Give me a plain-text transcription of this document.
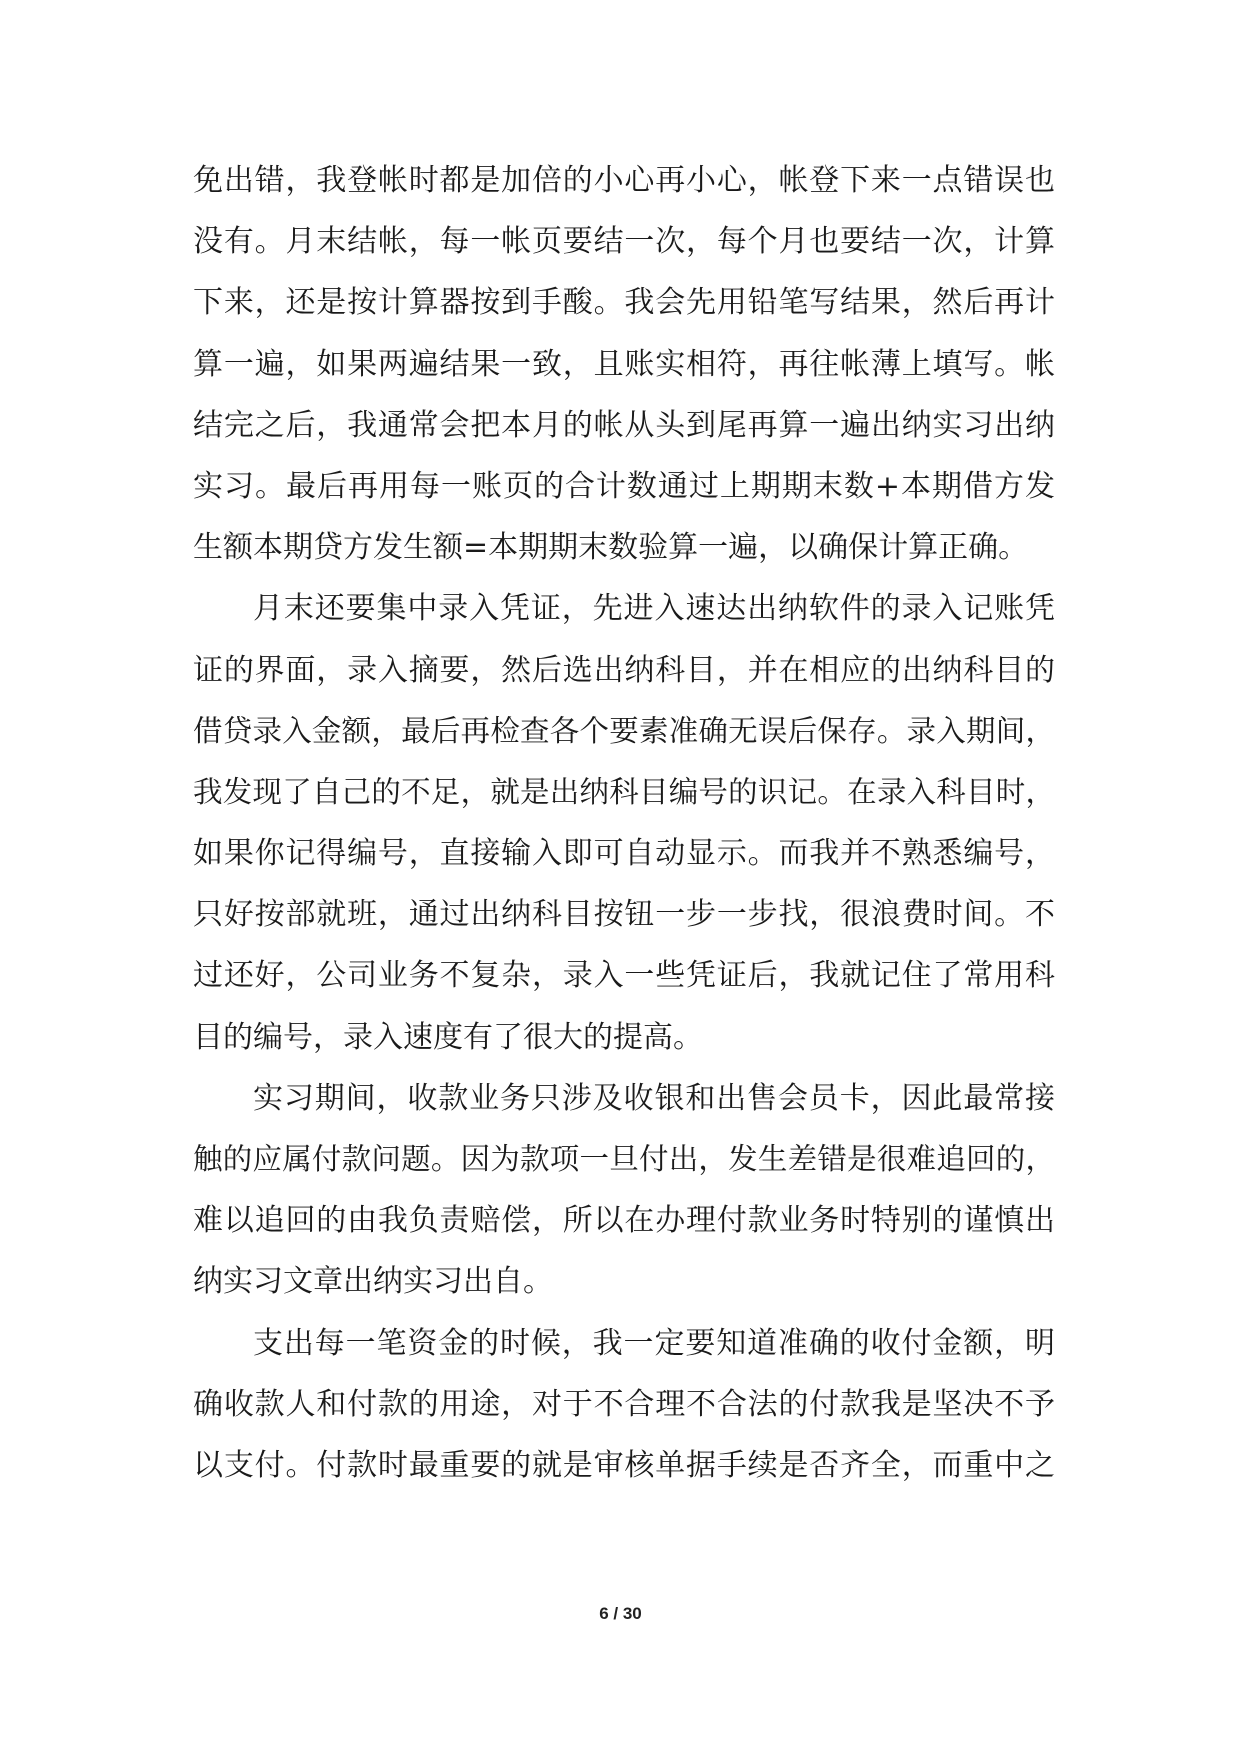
免出错，我登帐时都是加倍的小心再小心，帐登下来一点错误也
没有。月末结帐，每一帐页要结一次，每个月也要结一次，计算
下来，还是按计算器按到手酸。我会先用铅笔写结果，然后再计
算一遍，如果两遍结果一致，且账实相符，再往帐薄上填写。帐
结完之后，我通常会把本月的帐从头到尾再算一遍出纳实习出纳
实习。最后再用每一账页的合计数通过上期期末数+本期借方发
生额本期贷方发生额=本期期末数验算一遍，以确保计算正确。
月末还要集中录入凭证，先进入速达出纳软件的录入记账凭
证的界面，录入摘要，然后选出纳科目，并在相应的出纳科目的
借贷录入金额，最后再检查各个要素准确无误后保存。录入期间，
我发现了自己的不足，就是出纳科目编号的识记。在录入科目时，
如果你记得编号，直接输入即可自动显示。而我并不熟悉编号，
只好按部就班，通过出纳科目按钮一步一步找，很浪费时间。不
过还好，公司业务不复杂，录入一些凭证后，我就记住了常用科
目的编号，录入速度有了很大的提高。
实习期间，收款业务只涉及收银和出售会员卡，因此最常接
触的应属付款问题。因为款项一旦付出，发生差错是很难追回的，
难以追回的由我负责赔偿，所以在办理付款业务时特别的谨慎出
纳实习文章出纳实习出自。
支出每一笔资金的时候，我一定要知道准确的收付金额，明
确收款人和付款的用途，对于不合理不合法的付款我是坚决不予
以支付。付款时最重要的就是审核单据手续是否齐全，而重中之
6 / 30
